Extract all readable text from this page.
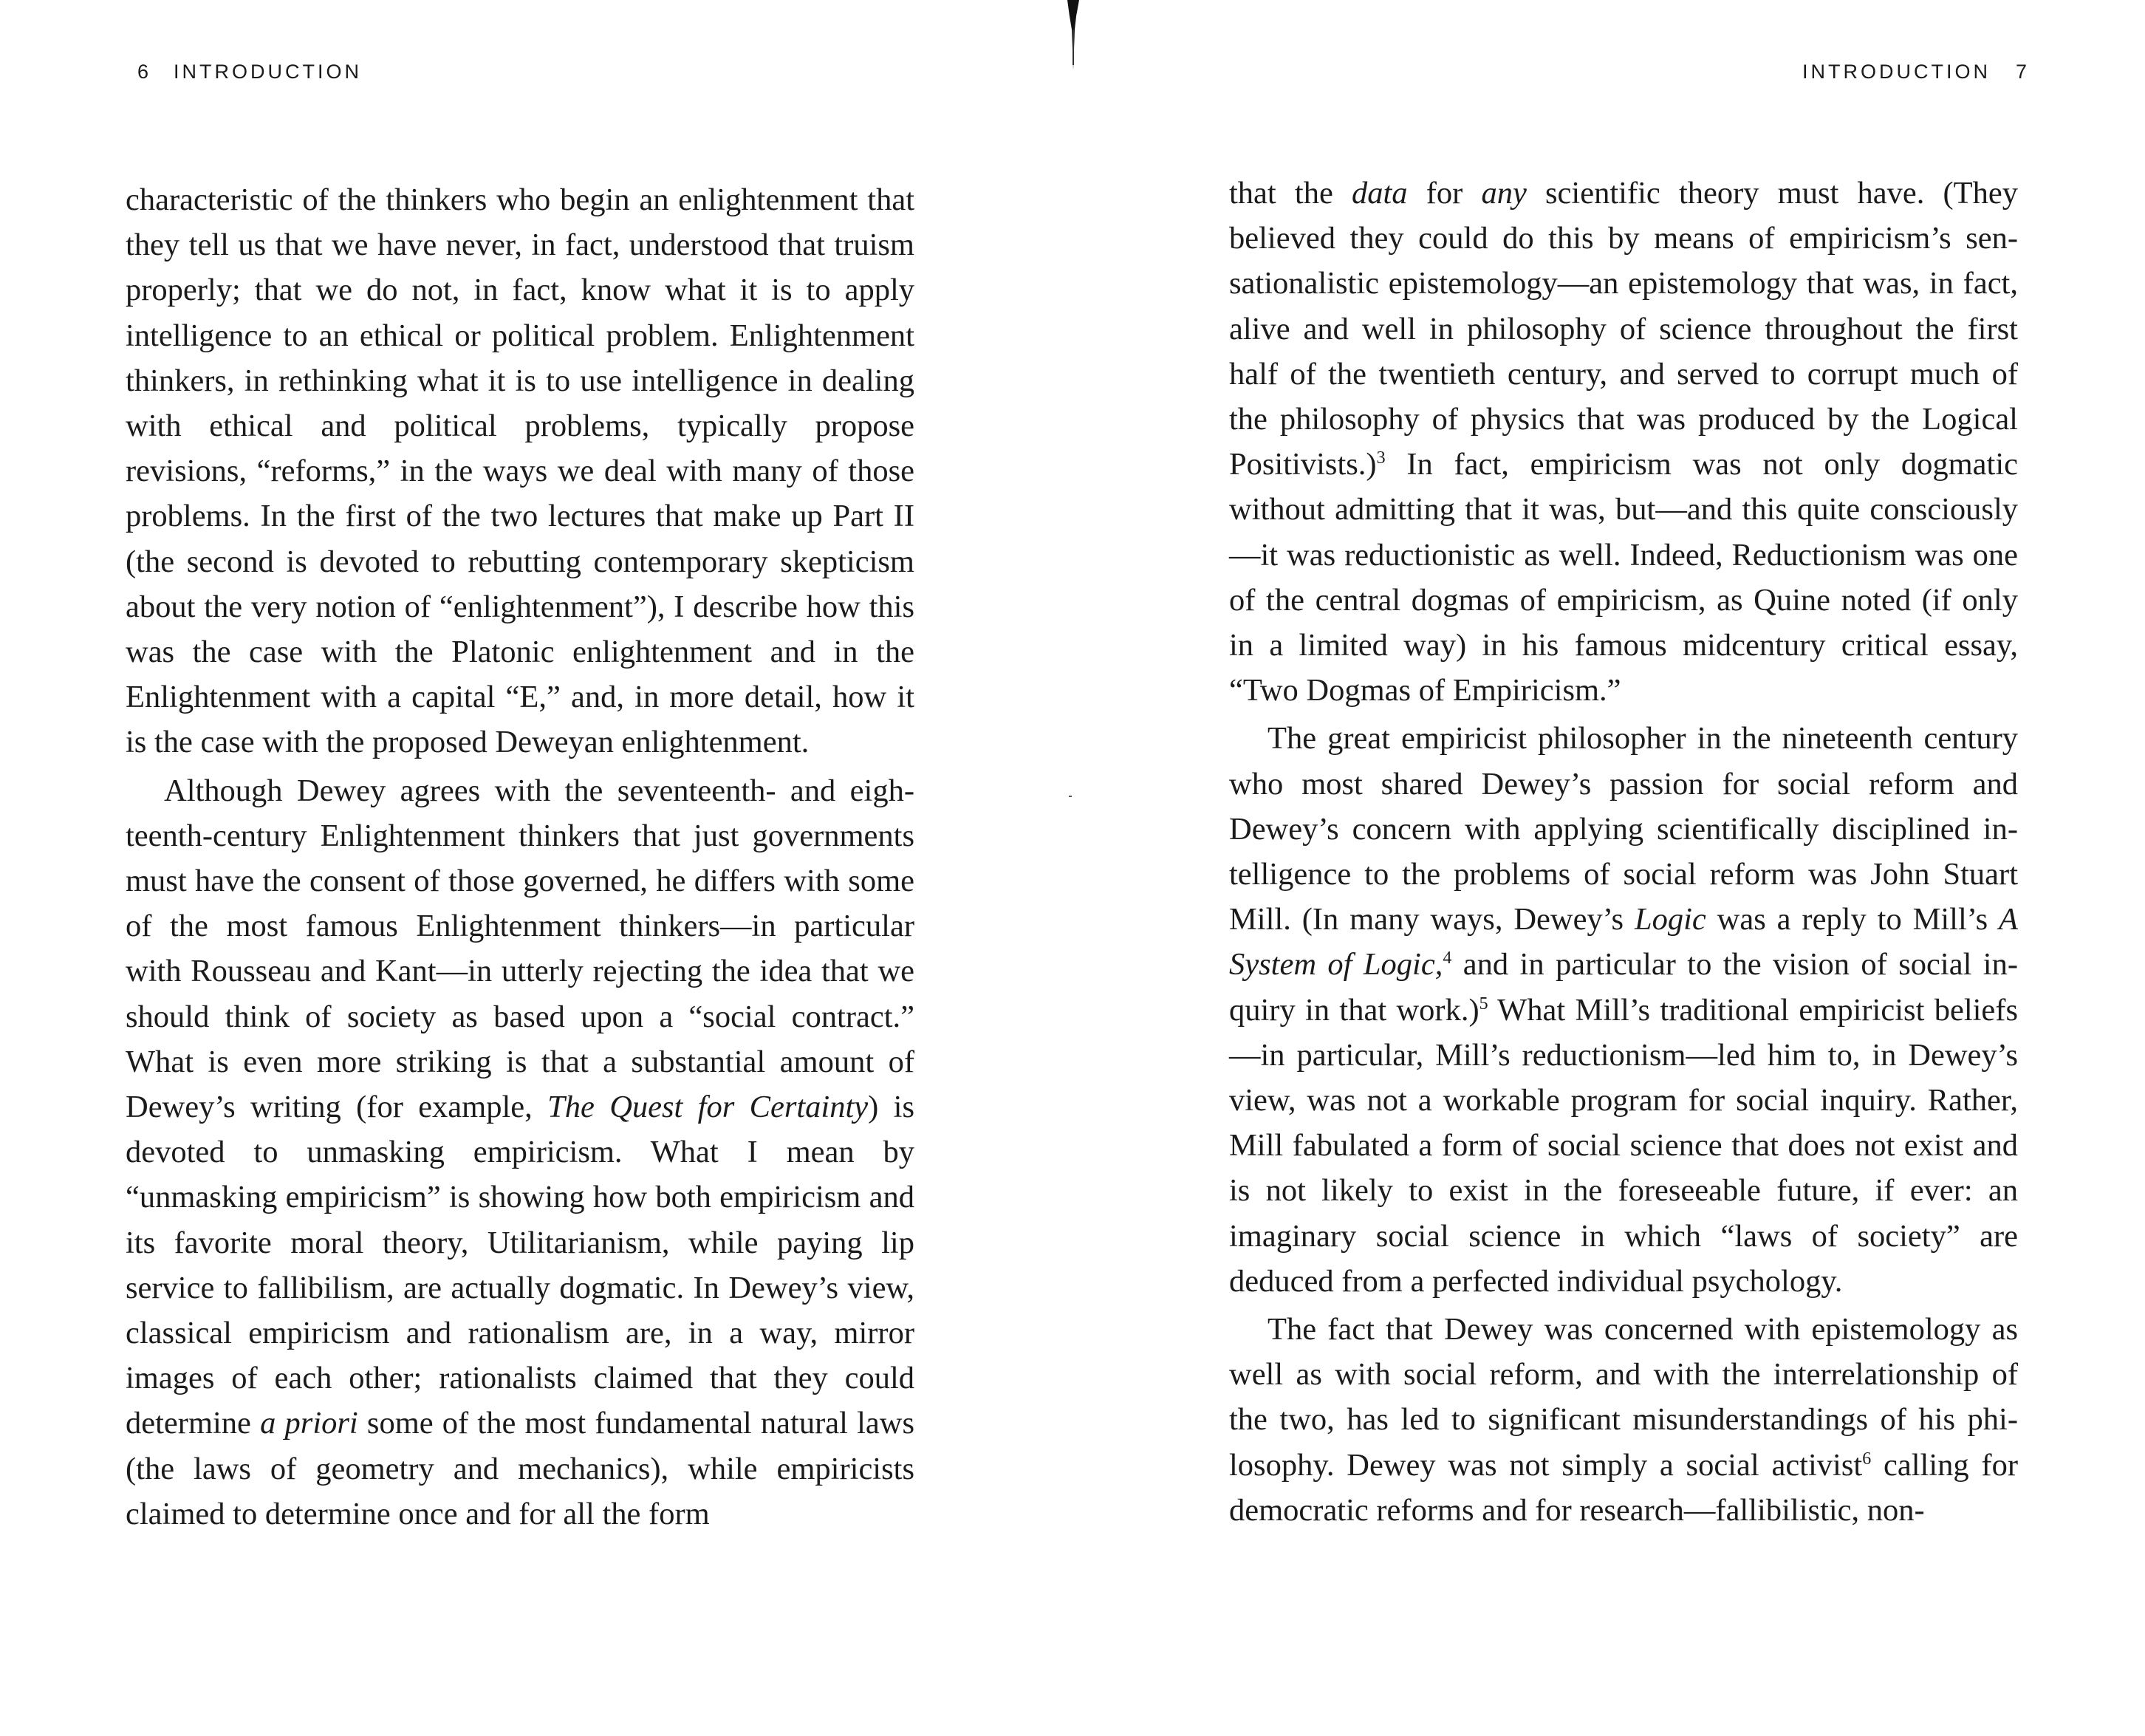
6 INTRODUCTION

characteristic of the thinkers who begin an enlightenment that they tell us that we have never, in fact, understood that truism properly; that we do not, in fact, know what it is to apply intelligence to an ethical or political problem. Enlightenment thinkers, in rethinking what it is to use intelligence in dealing with ethical and political problems, typically propose revisions, “reforms,” in the ways we deal with many of those problems. In the first of the two lectures that make up Part II (the second is devoted to rebutting contemporary skepticism about the very notion of “enlightenment”), I describe how this was the case with the Platonic enlightenment and in the Enlightenment with a capital “E,” and, in more detail, how it is the case with the proposed Deweyan enlightenment.

Although Dewey agrees with the seventeenth- and eighteenth-century Enlightenment thinkers that just governments must have the consent of those governed, he differs with some of the most famous Enlightenment thinkers—in particular with Rousseau and Kant—in utterly rejecting the idea that we should think of society as based upon a “social contract.” What is even more striking is that a substantial amount of Dewey’s writing (for example, The Quest for Certainty) is devoted to unmasking empiricism. What I mean by “unmasking empiricism” is showing how both empiricism and its favorite moral theory, Utilitarianism, while paying lip service to fallibilism, are actually dogmatic. In Dewey’s view, classical empiricism and rationalism are, in a way, mirror images of each other; rationalists claimed that they could determine a priori some of the most fundamental natural laws (the laws of geometry and mechanics), while empiricists claimed to determine once and for all the form

INTRODUCTION 7

that the data for any scientific theory must have. (They believed they could do this by means of empiricism’s sensationalistic epistemology—an epistemology that was, in fact, alive and well in philosophy of science throughout the first half of the twentieth century, and served to corrupt much of the philosophy of physics that was produced by the Logical Positivists.)$^3$ In fact, empiricism was not only dogmatic without admitting that it was, but—and this quite consciously—it was reductionistic as well. Indeed, Reductionism was one of the central dogmas of empiricism, as Quine noted (if only in a limited way) in his famous midcentury critical essay, “Two Dogmas of Empiricism.”

The great empiricist philosopher in the nineteenth century who most shared Dewey’s passion for social reform and Dewey’s concern with applying scientifically disciplined intelligence to the problems of social reform was John Stuart Mill. (In many ways, Dewey’s Logic was a reply to Mill’s A System of Logic,$^4$ and in particular to the vision of social inquiry in that work.)$^5$ What Mill’s traditional empiricist beliefs—in particular, Mill’s reductionism—led him to, in Dewey’s view, was not a workable program for social inquiry. Rather, Mill fabulated a form of social science that does not exist and is not likely to exist in the foreseeable future, if ever: an imaginary social science in which “laws of society” are deduced from a perfected individual psychology.

The fact that Dewey was concerned with epistemology as well as with social reform, and with the interrelationship of the two, has led to significant misunderstandings of his philosophy. Dewey was not simply a social activist$^6$ calling for democratic reforms and for research—fallibilistic, non-
